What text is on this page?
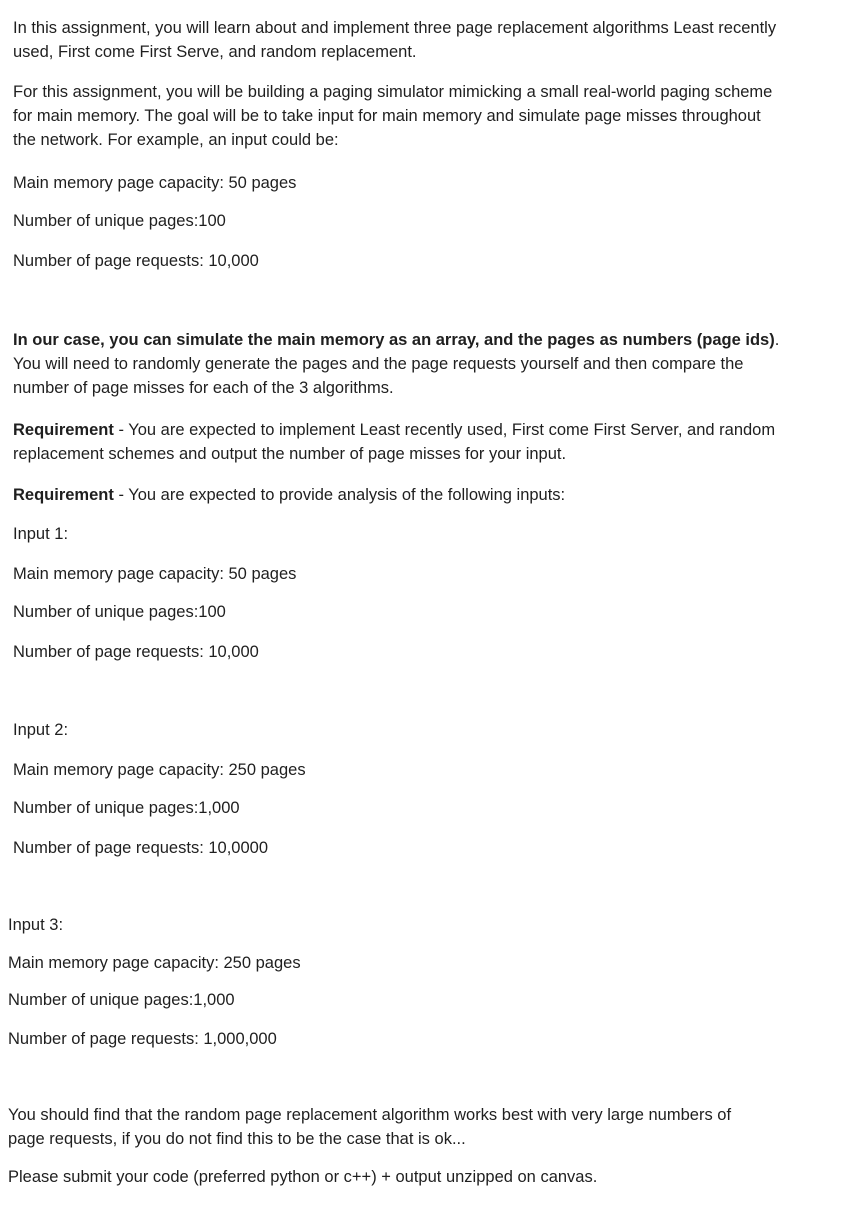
In this assignment, you will learn about and implement three page replacement algorithms Least recently used, First come First Serve, and random replacement.

For this assignment, you will be building a paging simulator mimicking a small real-world paging scheme for main memory. The goal will be to take input for main memory and simulate page misses throughout the network. For example, an input could be:

Main memory page capacity: 50 pages
Number of unique pages:100
Number of page requests: 10,000

In our case, you can simulate the main memory as an array, and the pages as numbers (page ids). You will need to randomly generate the pages and the page requests yourself and then compare the number of page misses for each of the 3 algorithms.

Requirement - You are expected to implement Least recently used, First come First Server, and random replacement schemes and output the number of page misses for your input.

Requirement - You are expected to provide analysis of the following inputs:
Input 1:
Main memory page capacity: 50 pages
Number of unique pages:100
Number of page requests: 10,000
Input 2:
Main memory page capacity: 250 pages
Number of unique pages:1,000
Number of page requests: 10,0000
Input 3:
Main memory page capacity: 250 pages
Number of unique pages:1,000
Number of page requests: 1,000,000

You should find that the random page replacement algorithm works best with very large numbers of page requests, if you do not find this to be the case that is ok...

Please submit your code (preferred python or c++) + output unzipped on canvas.
